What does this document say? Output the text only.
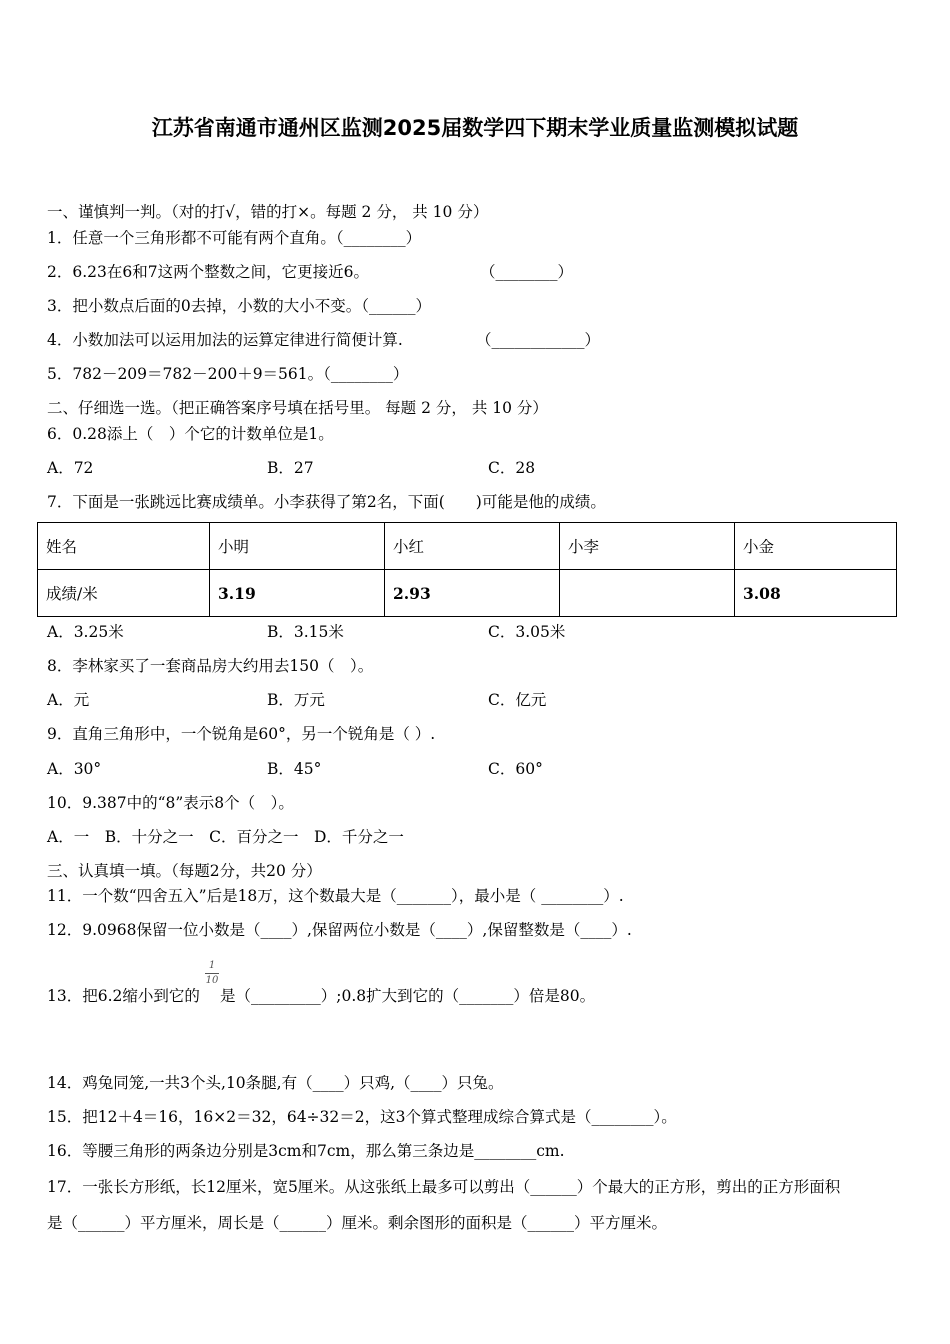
江苏省南通市通州区监测2025届数学四下期末学业质量监测模拟试题
一、谨慎判一判。（对的打√，错的打×。每题 2 分， 共 10 分）
1．任意一个三角形都不可能有两个直角。（________）
2．6.23在6和7这两个整数之间，它更接近6。	（________）
3．把小数点后面的0去掉，小数的大小不变。（______）
4．小数加法可以运用加法的运算定律进行简便计算.	（____________）
5．782－209＝782－200＋9＝561。（________）
二、仔细选一选。（把正确答案序号填在括号里。 每题 2 分， 共 10 分）
6．0.28添上（　）个它的计数单位是1。
A．72	B．27	C．28
7．下面是一张跳远比赛成绩单。小李获得了第2名，下面(　　)可能是他的成绩。
姓名	小明	小红	小李	小金
成绩/米	3.19	2.93		3.08
A．3.25米	B．3.15米	C．3.05米
8．李林家买了一套商品房大约用去150（　）。
A．元	B．万元	C．亿元
9．直角三角形中，一个锐角是60°，另一个锐角是（ ）.
A．30°	B．45°	C．60°
10．9.387中的“8”表示8个（　）。
A．一　B．十分之一　C．百分之一　D．千分之一
三、认真填一填。（每题2分，共20 分）
11．一个数“四舍五入”后是18万，这个数最大是（_______），最小是（ ________）.
12．9.0968保留一位小数是（____）,保留两位小数是（____）,保留整数是（____）.
13．把6.2缩小到它的
1
10
是（_________）;0.8扩大到它的（_______）倍是80。
14．鸡兔同笼,一共3个头,10条腿,有（____）只鸡,（____）只兔。
15．把12＋4＝16，16×2＝32，64÷32＝2，这3个算式整理成综合算式是（________）。
16．等腰三角形的两条边分别是3cm和7cm，那么第三条边是________cm.
17．一张长方形纸，长12厘米，宽5厘米。从这张纸上最多可以剪出（______）个最大的正方形，剪出的正方形面积
是（______）平方厘米，周长是（______）厘米。剩余图形的面积是（______）平方厘米。
